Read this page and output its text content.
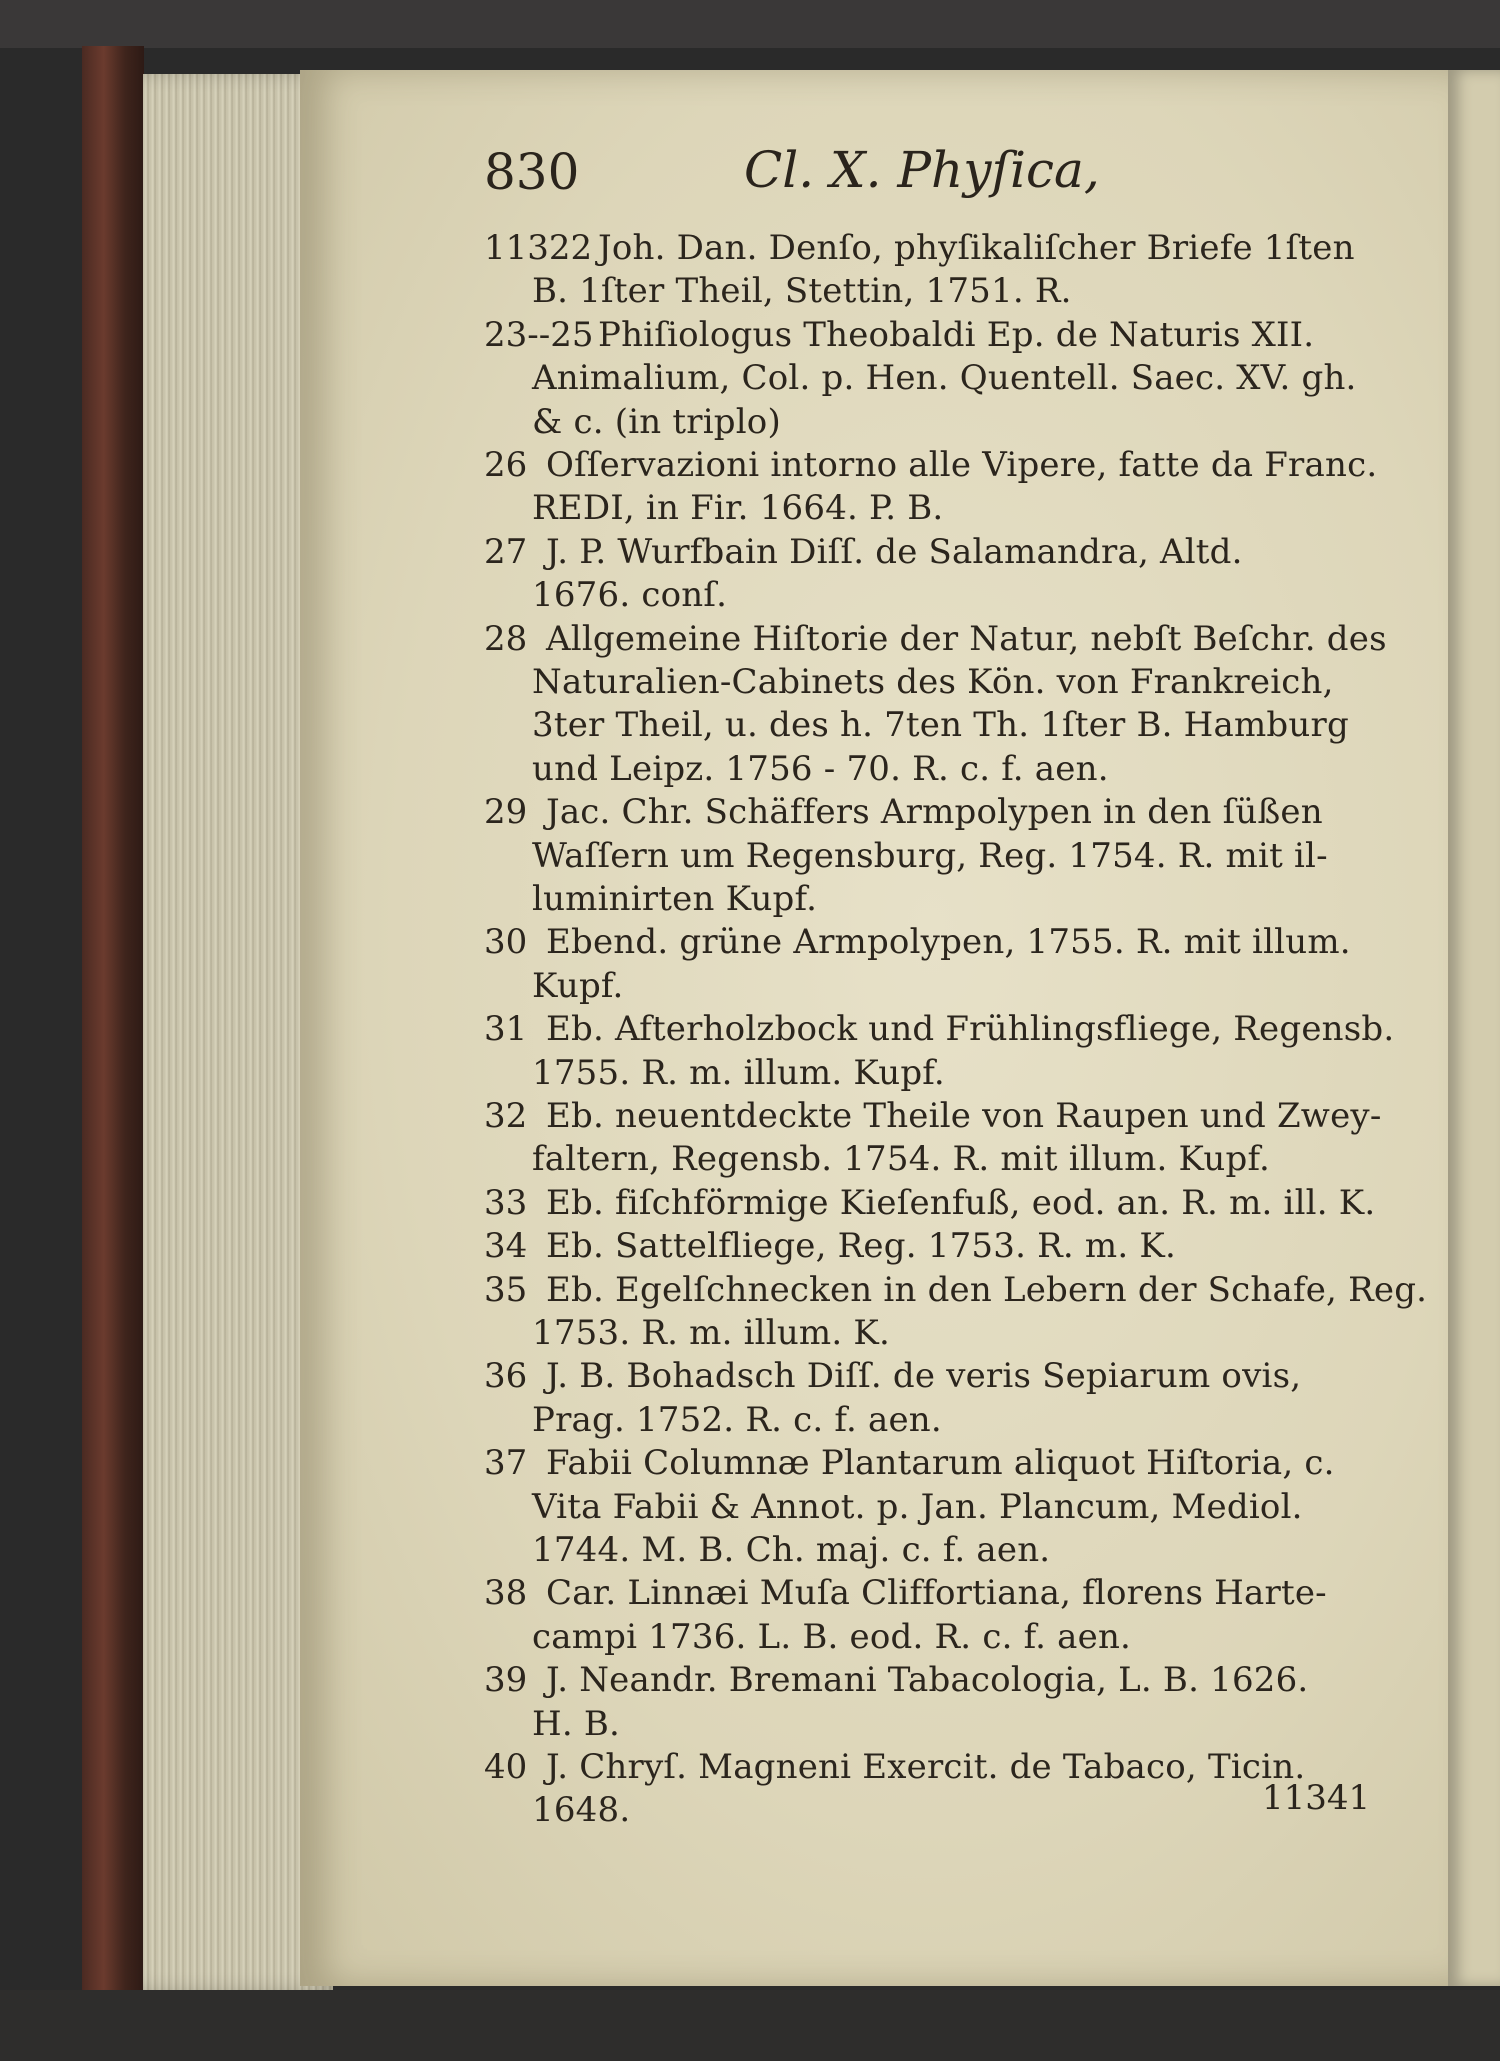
830	Cl. X. Phyſica,
11322 Joh. Dan. Denſo, phyſikaliſcher Briefe 1ſten
B. 1ſter Theil, Stettin, 1751. R.
23--25 Phiſiologus Theobaldi Ep. de Naturis XII.
Animalium, Col. p. Hen. Quentell. Saec. XV. gh.
& c. (in triplo)
26 Oſſervazioni intorno alle Vipere, fatte da Franc.
REDI, in Fir. 1664. P. B.
27 J. P. Wurfbain Diſſ. de Salamandra, Altd.
1676. conſ.
28 Allgemeine Hiſtorie der Natur, nebſt Beſchr. des
Naturalien-Cabinets des Kön. von Frankreich,
3ter Theil, u. des h. 7ten Th. 1ſter B. Hamburg
und Leipz. 1756 - 70. R. c. f. aen.
29 Jac. Chr. Schäffers Armpolypen in den ſüßen
Waſſern um Regensburg, Reg. 1754. R. mit il-
luminirten Kupf.
30 Ebend. grüne Armpolypen, 1755. R. mit illum.
Kupf.
31 Eb. Afterholzbock und Frühlingsfliege, Regensb.
1755. R. m. illum. Kupf.
32 Eb. neuentdeckte Theile von Raupen und Zwey-
faltern, Regensb. 1754. R. mit illum. Kupf.
33 Eb. fiſchförmige Kieſenfuß, eod. an. R. m. ill. K.
34 Eb. Sattelfliege, Reg. 1753. R. m. K.
35 Eb. Egelſchnecken in den Lebern der Schafe, Reg.
1753. R. m. illum. K.
36 J. B. Bohadsch Diſſ. de veris Sepiarum ovis,
Prag. 1752. R. c. f. aen.
37 Fabii Columnæ Plantarum aliquot Hiſtoria, c.
Vita Fabii & Annot. p. Jan. Plancum, Mediol.
1744. M. B. Ch. maj. c. f. aen.
38 Car. Linnæi Muſa Cliffortiana, florens Harte-
campi 1736. L. B. eod. R. c. f. aen.
39 J. Neandr. Bremani Tabacologia, L. B. 1626.
H. B.
40 J. Chryſ. Magneni Exercit. de Tabaco, Ticin.
1648.	11341
